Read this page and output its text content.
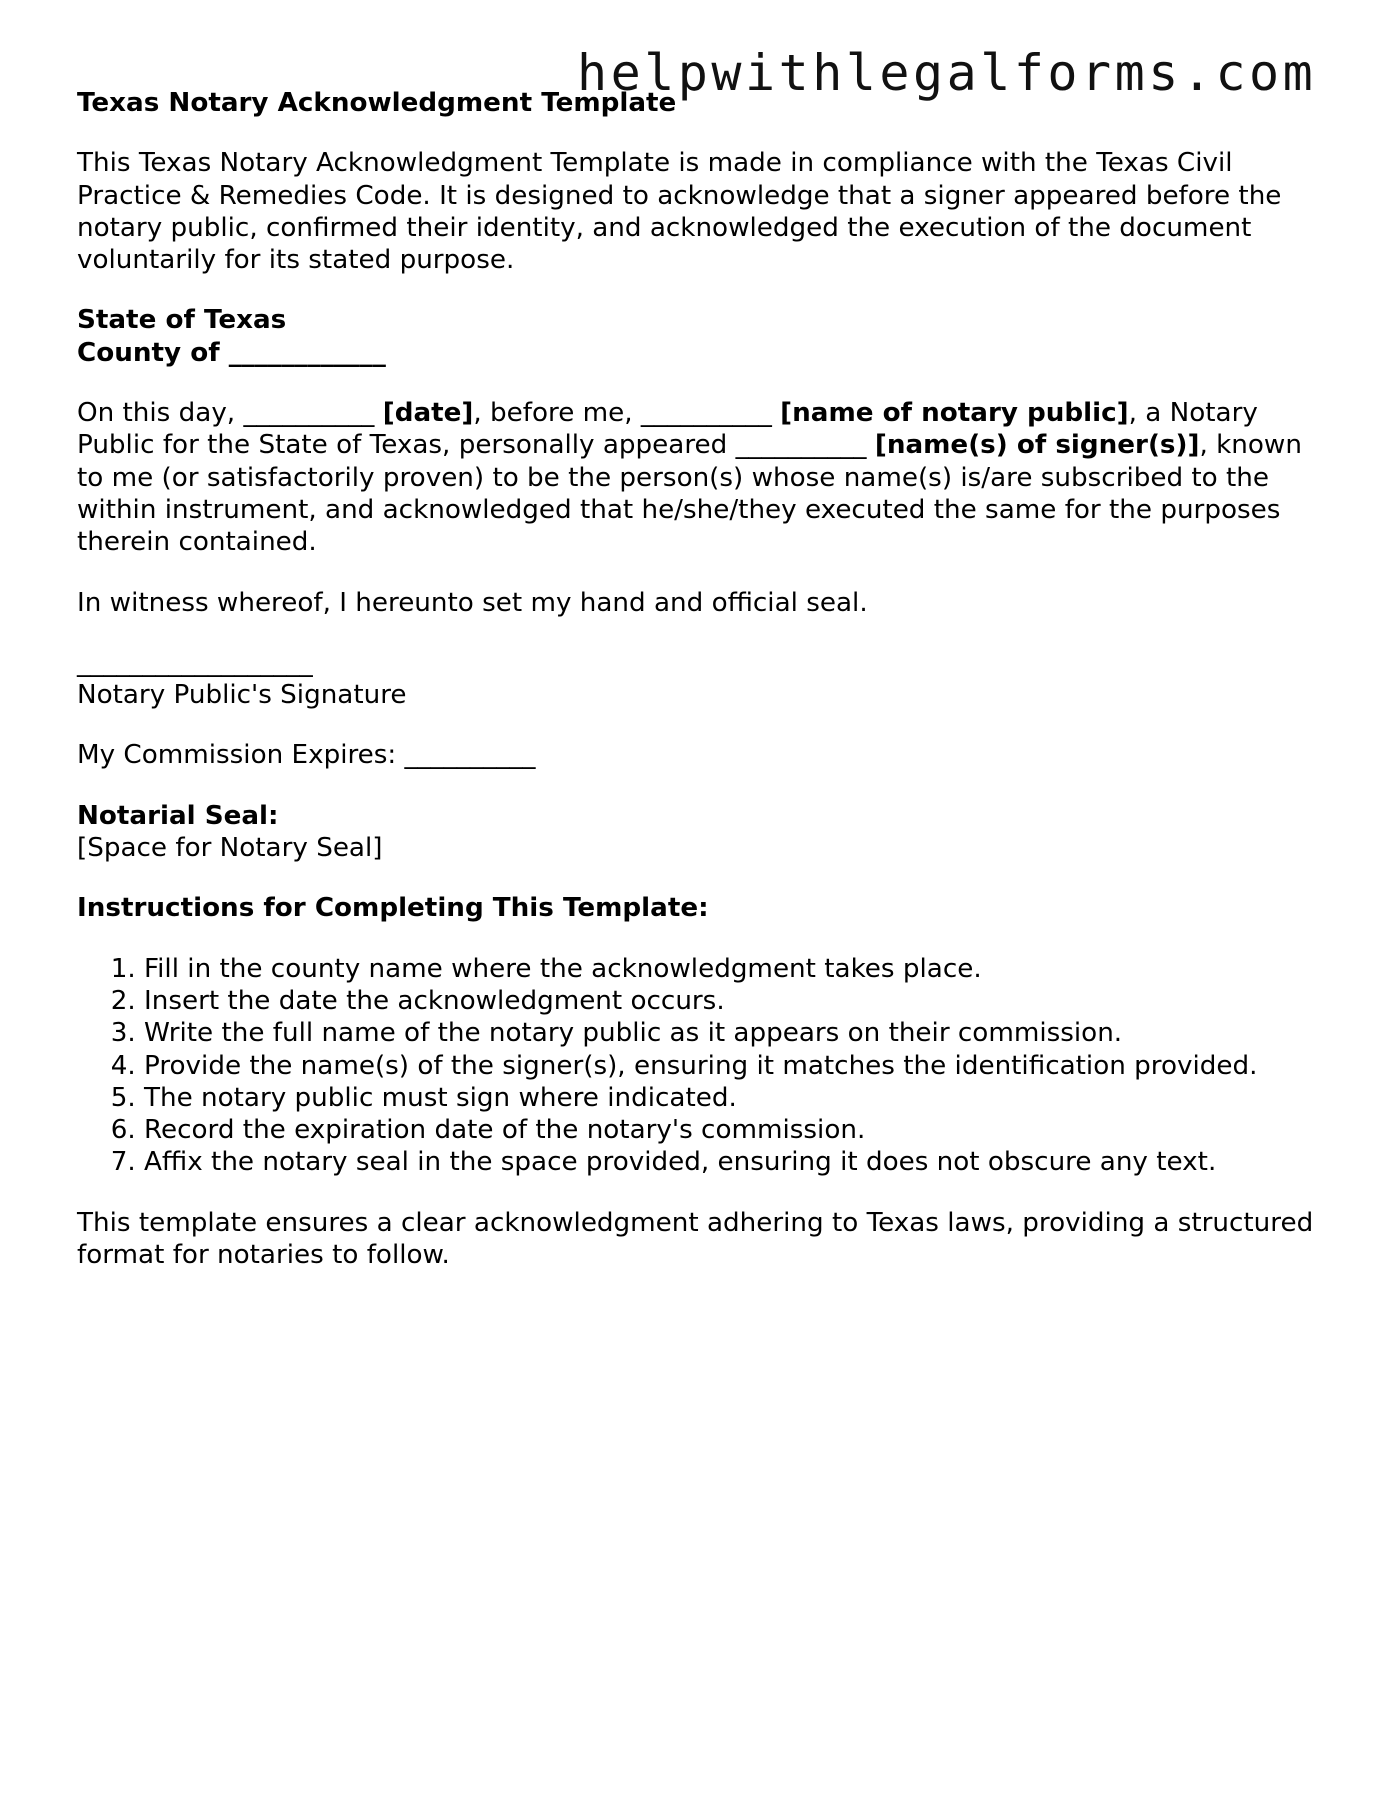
helpwithlegalforms.com

Texas Notary Acknowledgment Template

This Texas Notary Acknowledgment Template is made in compliance with the Texas Civil Practice & Remedies Code. It is designed to acknowledge that a signer appeared before the notary public, confirmed their identity, and acknowledged the execution of the document voluntarily for its stated purpose.

State of Texas
County of ____________

On this day, __________ [date], before me, __________ [name of notary public], a Notary Public for the State of Texas, personally appeared __________ [name(s) of signer(s)], known to me (or satisfactorily proven) to be the person(s) whose name(s) is/are subscribed to the within instrument, and acknowledged that he/she/they executed the same for the purposes therein contained.

In witness whereof, I hereunto set my hand and official seal.

__________________
Notary Public's Signature

My Commission Expires: __________

Notarial Seal:
[Space for Notary Seal]

Instructions for Completing This Template:

1. Fill in the county name where the acknowledgment takes place.
2. Insert the date the acknowledgment occurs.
3. Write the full name of the notary public as it appears on their commission.
4. Provide the name(s) of the signer(s), ensuring it matches the identification provided.
5. The notary public must sign where indicated.
6. Record the expiration date of the notary's commission.
7. Affix the notary seal in the space provided, ensuring it does not obscure any text.

This template ensures a clear acknowledgment adhering to Texas laws, providing a structured format for notaries to follow.
